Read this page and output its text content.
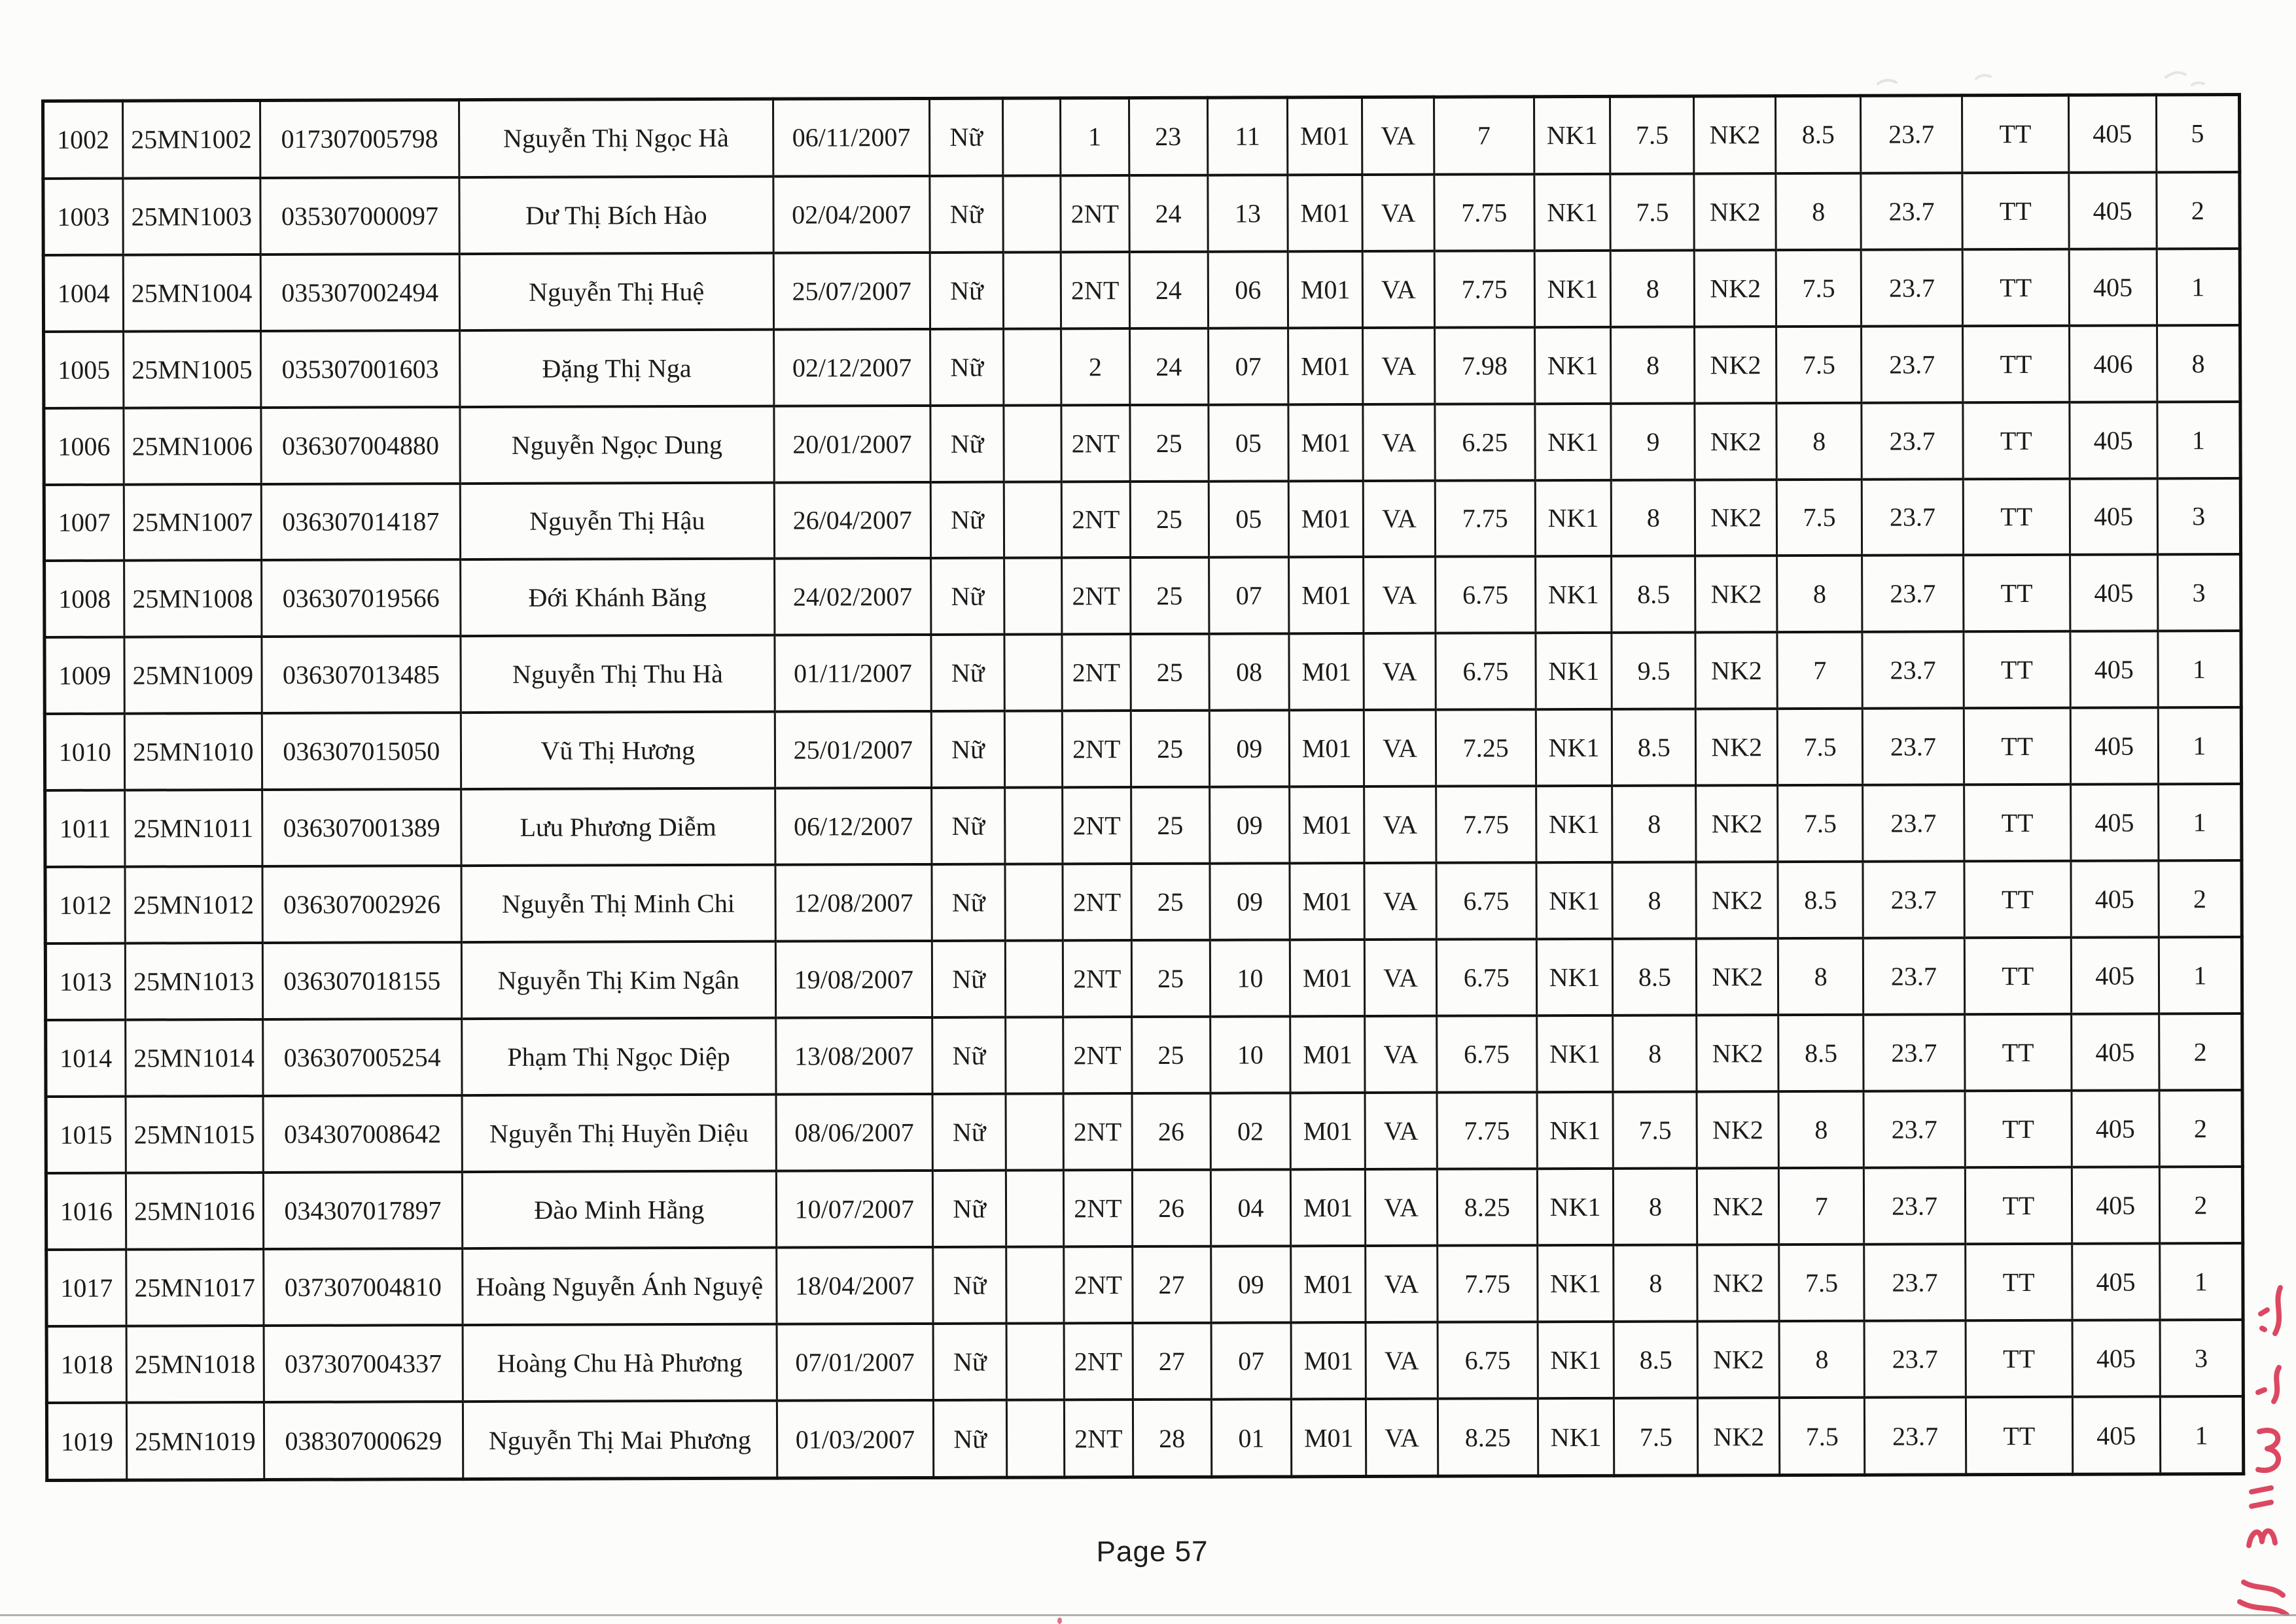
1002	25MN1002	017307005798	Nguyễn Thị Ngọc Hà	06/11/2007	Nữ		1	23	11	M01	VA	7	NK1	7.5	NK2	8.5	23.7	TT	405	5
1003	25MN1003	035307000097	Dư Thị Bích Hào	02/04/2007	Nữ		2NT	24	13	M01	VA	7.75	NK1	7.5	NK2	8	23.7	TT	405	2
1004	25MN1004	035307002494	Nguyễn Thị Huệ	25/07/2007	Nữ		2NT	24	06	M01	VA	7.75	NK1	8	NK2	7.5	23.7	TT	405	1
1005	25MN1005	035307001603	Đặng Thị Nga	02/12/2007	Nữ		2	24	07	M01	VA	7.98	NK1	8	NK2	7.5	23.7	TT	406	8
1006	25MN1006	036307004880	Nguyễn Ngọc Dung	20/01/2007	Nữ		2NT	25	05	M01	VA	6.25	NK1	9	NK2	8	23.7	TT	405	1
1007	25MN1007	036307014187	Nguyễn Thị Hậu	26/04/2007	Nữ		2NT	25	05	M01	VA	7.75	NK1	8	NK2	7.5	23.7	TT	405	3
1008	25MN1008	036307019566	Đới Khánh Băng	24/02/2007	Nữ		2NT	25	07	M01	VA	6.75	NK1	8.5	NK2	8	23.7	TT	405	3
1009	25MN1009	036307013485	Nguyễn Thị Thu Hà	01/11/2007	Nữ		2NT	25	08	M01	VA	6.75	NK1	9.5	NK2	7	23.7	TT	405	1
1010	25MN1010	036307015050	Vũ Thị Hương	25/01/2007	Nữ		2NT	25	09	M01	VA	7.25	NK1	8.5	NK2	7.5	23.7	TT	405	1
1011	25MN1011	036307001389	Lưu Phương Diễm	06/12/2007	Nữ		2NT	25	09	M01	VA	7.75	NK1	8	NK2	7.5	23.7	TT	405	1
1012	25MN1012	036307002926	Nguyễn Thị Minh Chi	12/08/2007	Nữ		2NT	25	09	M01	VA	6.75	NK1	8	NK2	8.5	23.7	TT	405	2
1013	25MN1013	036307018155	Nguyễn Thị Kim Ngân	19/08/2007	Nữ		2NT	25	10	M01	VA	6.75	NK1	8.5	NK2	8	23.7	TT	405	1
1014	25MN1014	036307005254	Phạm Thị Ngọc Diệp	13/08/2007	Nữ		2NT	25	10	M01	VA	6.75	NK1	8	NK2	8.5	23.7	TT	405	2
1015	25MN1015	034307008642	Nguyễn Thị Huyền Diệu	08/06/2007	Nữ		2NT	26	02	M01	VA	7.75	NK1	7.5	NK2	8	23.7	TT	405	2
1016	25MN1016	034307017897	Đào Minh Hằng	10/07/2007	Nữ		2NT	26	04	M01	VA	8.25	NK1	8	NK2	7	23.7	TT	405	2
1017	25MN1017	037307004810	Hoàng Nguyễn Ánh Nguyệ	18/04/2007	Nữ		2NT	27	09	M01	VA	7.75	NK1	8	NK2	7.5	23.7	TT	405	1
1018	25MN1018	037307004337	Hoàng Chu Hà Phương	07/01/2007	Nữ		2NT	27	07	M01	VA	6.75	NK1	8.5	NK2	8	23.7	TT	405	3
1019	25MN1019	038307000629	Nguyễn Thị Mai Phương	01/03/2007	Nữ		2NT	28	01	M01	VA	8.25	NK1	7.5	NK2	7.5	23.7	TT	405	1
Page 57
